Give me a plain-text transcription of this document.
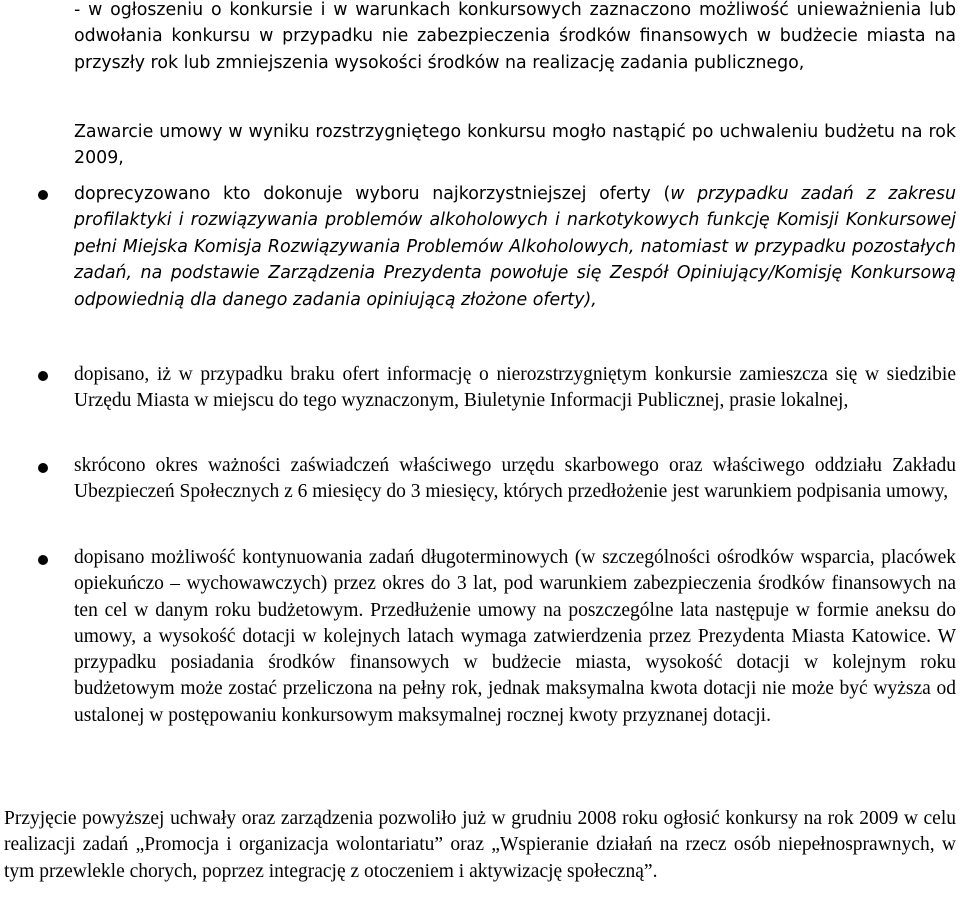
- w ogłoszeniu o konkursie i w warunkach konkursowych zaznaczono możliwość unieważnienia lub odwołania konkursu w przypadku nie zabezpieczenia środków finansowych w budżecie miasta na przyszły rok lub zmniejszenia wysokości środków na realizację zadania publicznego,

Zawarcie umowy w wyniku rozstrzygniętego konkursu mogło nastąpić po uchwaleniu budżetu na rok 2009,

doprecyzowano kto dokonuje wyboru najkorzystniejszej oferty (w przypadku zadań z zakresu profilaktyki i rozwiązywania problemów alkoholowych i narkotykowych funkcję Komisji Konkursowej pełni Miejska Komisja Rozwiązywania Problemów Alkoholowych, natomiast w przypadku pozostałych zadań, na podstawie Zarządzenia Prezydenta powołuje się Zespół Opiniujący/Komisję Konkursową odpowiednią dla danego zadania opiniującą złożone oferty),

dopisano, iż w przypadku braku ofert informację o nierozstrzygniętym konkursie zamieszcza się w siedzibie Urzędu Miasta w miejscu do tego wyznaczonym, Biuletynie Informacji Publicznej, prasie lokalnej,

skrócono okres ważności zaświadczeń właściwego urzędu skarbowego oraz właściwego oddziału Zakładu Ubezpieczeń Społecznych z 6 miesięcy do 3 miesięcy, których przedłożenie jest warunkiem podpisania umowy,

dopisano możliwość kontynuowania zadań długoterminowych (w szczególności ośrodków wsparcia, placówek opiekuńczo – wychowawczych) przez okres do 3 lat, pod warunkiem zabezpieczenia środków finansowych na ten cel w danym roku budżetowym. Przedłużenie umowy na poszczególne lata następuje w formie aneksu do umowy, a wysokość dotacji w kolejnych latach wymaga zatwierdzenia przez Prezydenta Miasta Katowice. W przypadku posiadania środków finansowych w budżecie miasta, wysokość dotacji w kolejnym roku budżetowym może zostać przeliczona na pełny rok, jednak maksymalna kwota dotacji nie może być wyższa od ustalonej w postępowaniu konkursowym maksymalnej rocznej kwoty przyznanej dotacji.

Przyjęcie powyższej uchwały oraz zarządzenia pozwoliło już w grudniu 2008 roku ogłosić konkursy na rok 2009 w celu realizacji zadań „Promocja i organizacja wolontariatu” oraz „Wspieranie działań na rzecz osób niepełnosprawnych, w tym przewlekle chorych, poprzez integrację z otoczeniem i aktywizację społeczną”.
